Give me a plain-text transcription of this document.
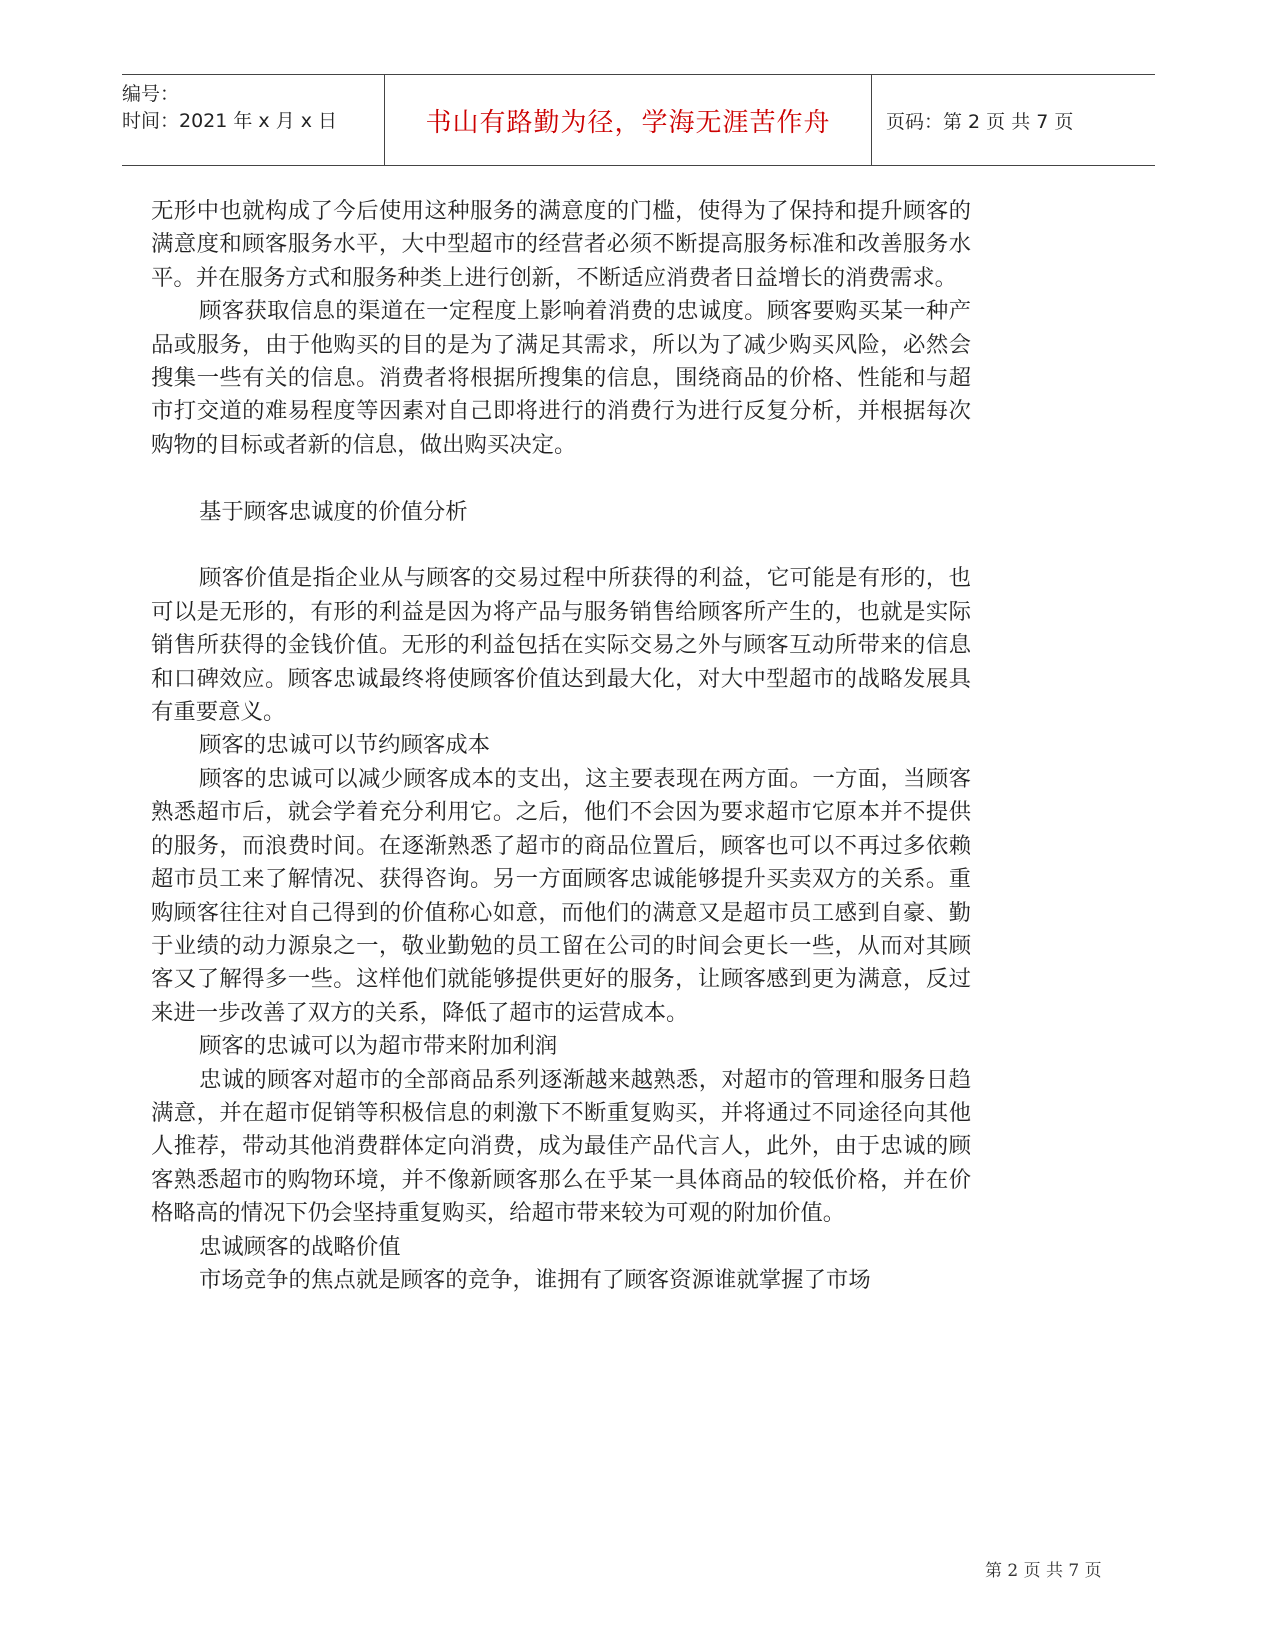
编号：
时间：2021 年 x 月 x 日	书山有路勤为径，学海无涯苦作舟	页码：第 2 页 共 7 页

无形中也就构成了今后使用这种服务的满意度的门槛，使得为了保持和提升顾客的满意度和顾客服务水平，大中型超市的经营者必须不断提高服务标准和改善服务水平。并在服务方式和服务种类上进行创新，不断适应消费者日益增长的消费需求。

顾客获取信息的渠道在一定程度上影响着消费的忠诚度。顾客要购买某一种产品或服务，由于他购买的目的是为了满足其需求，所以为了减少购买风险，必然会搜集一些有关的信息。消费者将根据所搜集的信息，围绕商品的价格、性能和与超市打交道的难易程度等因素对自己即将进行的消费行为进行反复分析，并根据每次购物的目标或者新的信息，做出购买决定。

基于顾客忠诚度的价值分析

顾客价值是指企业从与顾客的交易过程中所获得的利益，它可能是有形的，也可以是无形的，有形的利益是因为将产品与服务销售给顾客所产生的，也就是实际销售所获得的金钱价值。无形的利益包括在实际交易之外与顾客互动所带来的信息和口碑效应。顾客忠诚最终将使顾客价值达到最大化，对大中型超市的战略发展具有重要意义。

顾客的忠诚可以节约顾客成本

顾客的忠诚可以减少顾客成本的支出，这主要表现在两方面。一方面，当顾客熟悉超市后，就会学着充分利用它。之后，他们不会因为要求超市它原本并不提供的服务，而浪费时间。在逐渐熟悉了超市的商品位置后，顾客也可以不再过多依赖超市员工来了解情况、获得咨询。另一方面顾客忠诚能够提升买卖双方的关系。重购顾客往往对自己得到的价值称心如意，而他们的满意又是超市员工感到自豪、勤于业绩的动力源泉之一，敬业勤勉的员工留在公司的时间会更长一些，从而对其顾客又了解得多一些。这样他们就能够提供更好的服务，让顾客感到更为满意，反过来进一步改善了双方的关系，降低了超市的运营成本。

顾客的忠诚可以为超市带来附加利润

忠诚的顾客对超市的全部商品系列逐渐越来越熟悉，对超市的管理和服务日趋满意，并在超市促销等积极信息的刺激下不断重复购买，并将通过不同途径向其他人推荐，带动其他消费群体定向消费，成为最佳产品代言人，此外，由于忠诚的顾客熟悉超市的购物环境，并不像新顾客那么在乎某一具体商品的较低价格，并在价格略高的情况下仍会坚持重复购买，给超市带来较为可观的附加价值。

忠诚顾客的战略价值

市场竞争的焦点就是顾客的竞争，谁拥有了顾客资源谁就掌握了市场

第 2 页 共 7 页
